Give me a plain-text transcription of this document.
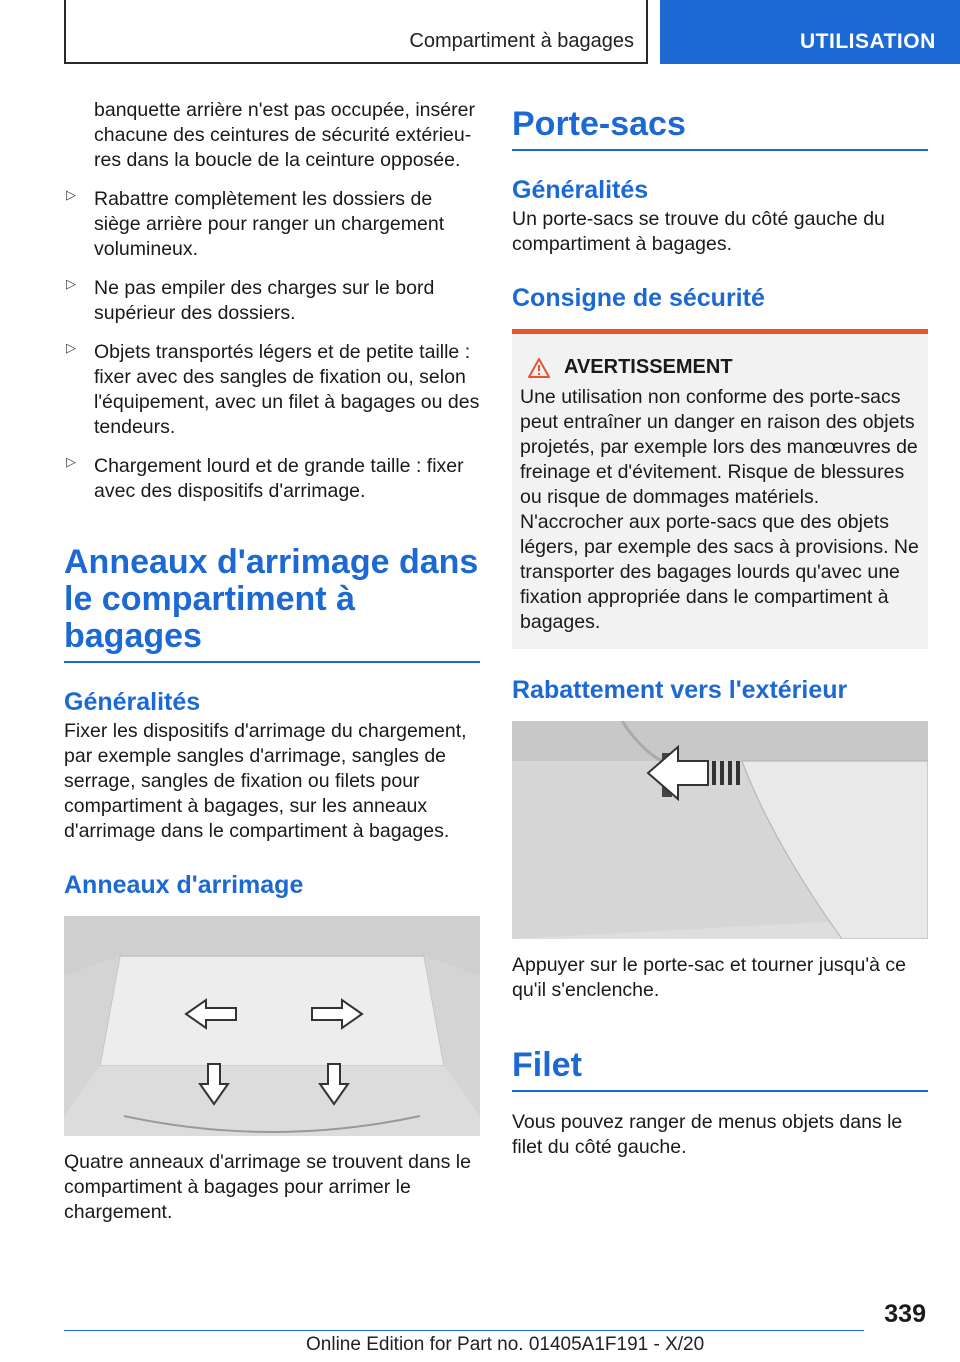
Compartiment à bagages	UTILISATION

banquette arrière n'est pas occupée, insérer chacune des ceintures de sécurité extérieures dans la boucle de la ceinture opposée.

▷ Rabattre complètement les dossiers de siège arrière pour ranger un chargement volumineux.

▷ Ne pas empiler des charges sur le bord supérieur des dossiers.

▷ Objets transportés légers et de petite taille : fixer avec des sangles de fixation ou, selon l'équipement, avec un filet à bagages ou des tendeurs.

▷ Chargement lourd et de grande taille : fixer avec des dispositifs d'arrimage.

Anneaux d'arrimage dans le compartiment à bagages
Généralités

Fixer les dispositifs d'arrimage du chargement, par exemple sangles d'arrimage, sangles de serrage, sangles de fixation ou filets pour compartiment à bagages, sur les anneaux d'arrimage dans le compartiment à bagages.

Anneaux d'arrimage

Quatre anneaux d'arrimage se trouvent dans le compartiment à bagages pour arrimer le chargement.

Porte-sacs
Généralités

Un porte-sacs se trouve du côté gauche du compartiment à bagages.

Consigne de sécurité
AVERTISSEMENT

Une utilisation non conforme des porte-sacs peut entraîner un danger en raison des objets projetés, par exemple lors des manœuvres de freinage et d'évitement. Risque de blessures ou risque de dommages matériels. N'accrocher aux porte-sacs que des objets légers, par exemple des sacs à provisions. Ne transporter des bagages lourds qu'avec une fixation appropriée dans le compartiment à bagages.

Rabattement vers l'extérieur

Appuyer sur le porte-sac et tourner jusqu'à ce qu'il s'enclenche.

Filet

Vous pouvez ranger de menus objets dans le filet du côté gauche.

339
Online Edition for Part no. 01405A1F191 - X/20
